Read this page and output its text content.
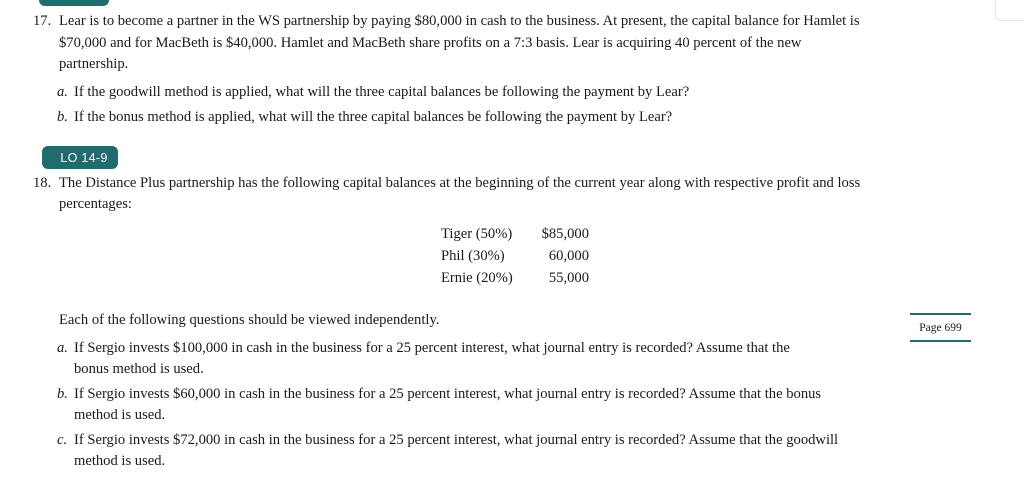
17. Lear is to become a partner in the WS partnership by paying $80,000 in cash to the business. At present, the capital balance for Hamlet is
$70,000 and for MacBeth is $40,000. Hamlet and MacBeth share profits on a 7:3 basis. Lear is acquiring 40 percent of the new
partnership.
a. If the goodwill method is applied, what will the three capital balances be following the payment by Lear?
b. If the bonus method is applied, what will the three capital balances be following the payment by Lear?
LO 14-9
18. The Distance Plus partnership has the following capital balances at the beginning of the current year along with respective profit and loss
percentages:
Tiger (50%)	$85,000
Phil (30%)	60,000
Ernie (20%)	55,000
Each of the following questions should be viewed independently.	Page 699
a. If Sergio invests $100,000 in cash in the business for a 25 percent interest, what journal entry is recorded? Assume that the
bonus method is used.
b. If Sergio invests $60,000 in cash in the business for a 25 percent interest, what journal entry is recorded? Assume that the bonus
method is used.
c. If Sergio invests $72,000 in cash in the business for a 25 percent interest, what journal entry is recorded? Assume that the goodwill
method is used.
